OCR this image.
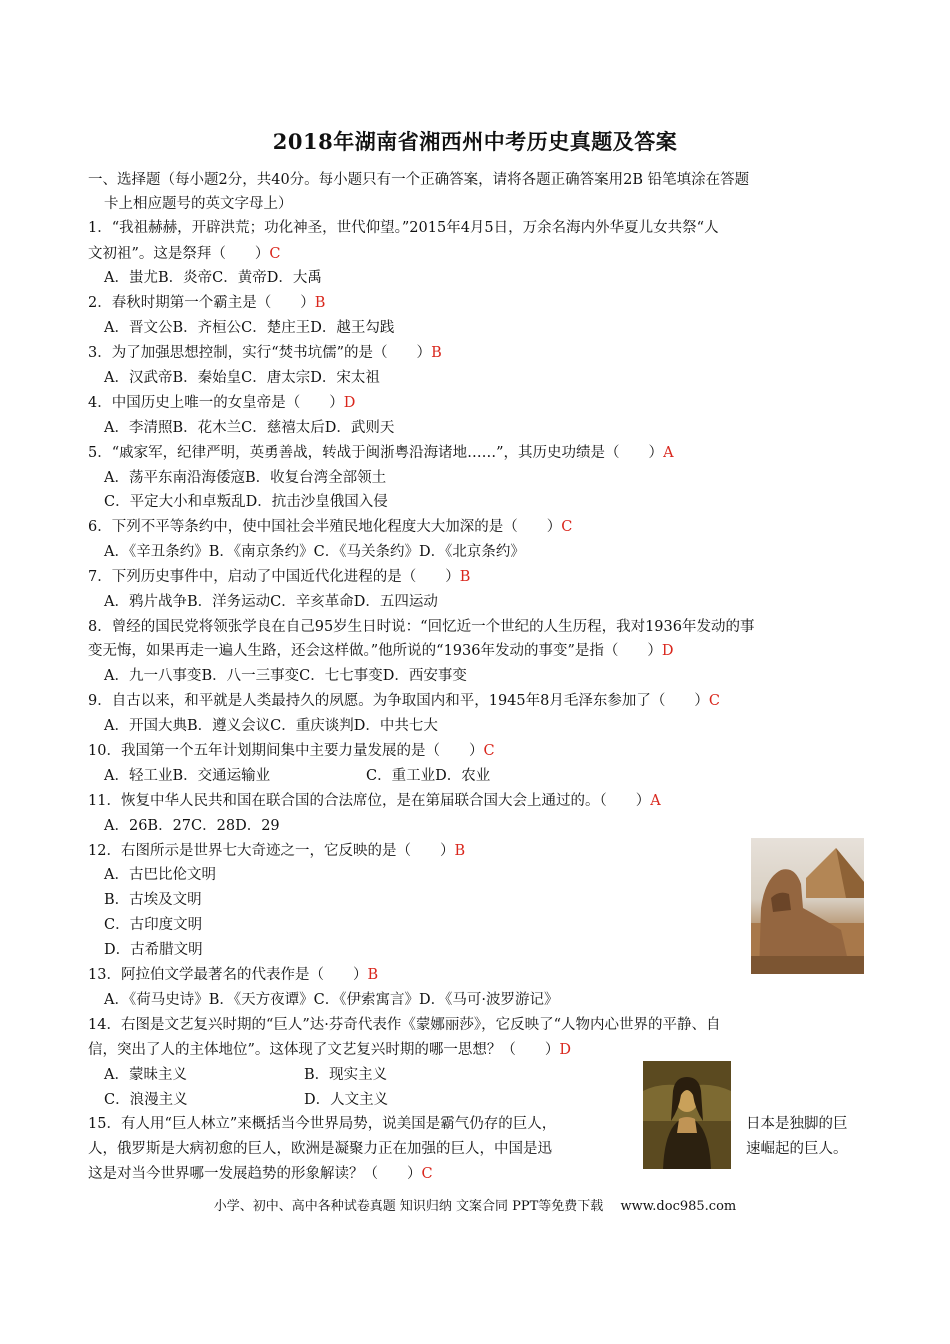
2018年湖南省湘西州中考历史真题及答案
一、选择题（每小题2分，共40分。每小题只有一个正确答案，请将各题正确答案用2B 铅笔填涂在答题
卡上相应题号的英文字母上）
1．“我祖赫赫，开辟洪荒；功化神圣，世代仰望。”2015年4月5日，万余名海内外华夏儿女共祭“人
文初祖”。这是祭拜（　　）C
A．蚩尤B．炎帝C．黄帝D．大禹
2．春秋时期第一个霸主是（　　）B
A．晋文公B．齐桓公C．楚庄王D．越王勾践
3．为了加强思想控制，实行“焚书坑儒”的是（　　）B
A．汉武帝B．秦始皇C．唐太宗D．宋太祖
4．中国历史上唯一的女皇帝是（　　）D
A．李清照B．花木兰C．慈禧太后D．武则天
5．“戚家军，纪律严明，英勇善战，转战于闽浙粤沿海诸地……”，其历史功绩是（　　）A
A．荡平东南沿海倭寇B．收复台湾全部领土
C．平定大小和卓叛乱D．抗击沙皇俄国入侵
6．下列不平等条约中，使中国社会半殖民地化程度大大加深的是（　　）C
A．《辛丑条约》B．《南京条约》C．《马关条约》D．《北京条约》
7．下列历史事件中，启动了中国近代化进程的是（　　）B
A．鸦片战争B．洋务运动C．辛亥革命D．五四运动
8．曾经的国民党将领张学良在自己95岁生日时说：“回忆近一个世纪的人生历程，我对1936年发动的事
变无悔，如果再走一遍人生路，还会这样做。”他所说的“1936年发动的事变”是指（　　）D
A．九一八事变B．八一三事变C．七七事变D．西安事变
9．自古以来，和平就是人类最持久的夙愿。为争取国内和平，1945年8月毛泽东参加了（　　）C
A．开国大典B．遵义会议C．重庆谈判D．中共七大
10．我国第一个五年计划期间集中主要力量发展的是（　　）C
A．轻工业B．交通运输业	C．重工业D．农业
11．恢复中华人民共和国在联合国的合法席位，是在第届联合国大会上通过的。（　　）A
A．26B．27C．28D．29
12．右图所示是世界七大奇迹之一，它反映的是（　　）B
A．古巴比伦文明
B．古埃及文明
C．古印度文明
D．古希腊文明
13．阿拉伯文学最著名的代表作是（　　）B
A．《荷马史诗》B．《天方夜谭》C．《伊索寓言》D．《马可·波罗游记》
14．右图是文艺复兴时期的“巨人”达·芬奇代表作《蒙娜丽莎》，它反映了“人物内心世界的平静、自
信，突出了人的主体地位”。这体现了文艺复兴时期的哪一思想？（　　）D
A．蒙昧主义	B．现实主义
C．浪漫主义	D．人文主义
15．有人用“巨人林立”来概括当今世界局势，说美国是霸气仍存的巨人，	日本是独脚的巨
人，俄罗斯是大病初愈的巨人，欧洲是凝聚力正在加强的巨人，中国是迅	速崛起的巨人。
这是对当今世界哪一发展趋势的形象解读？（　　）C
小学、初中、高中各种试卷真题 知识归纳 文案合同 PPT等免费下载　 www.doc985.com
